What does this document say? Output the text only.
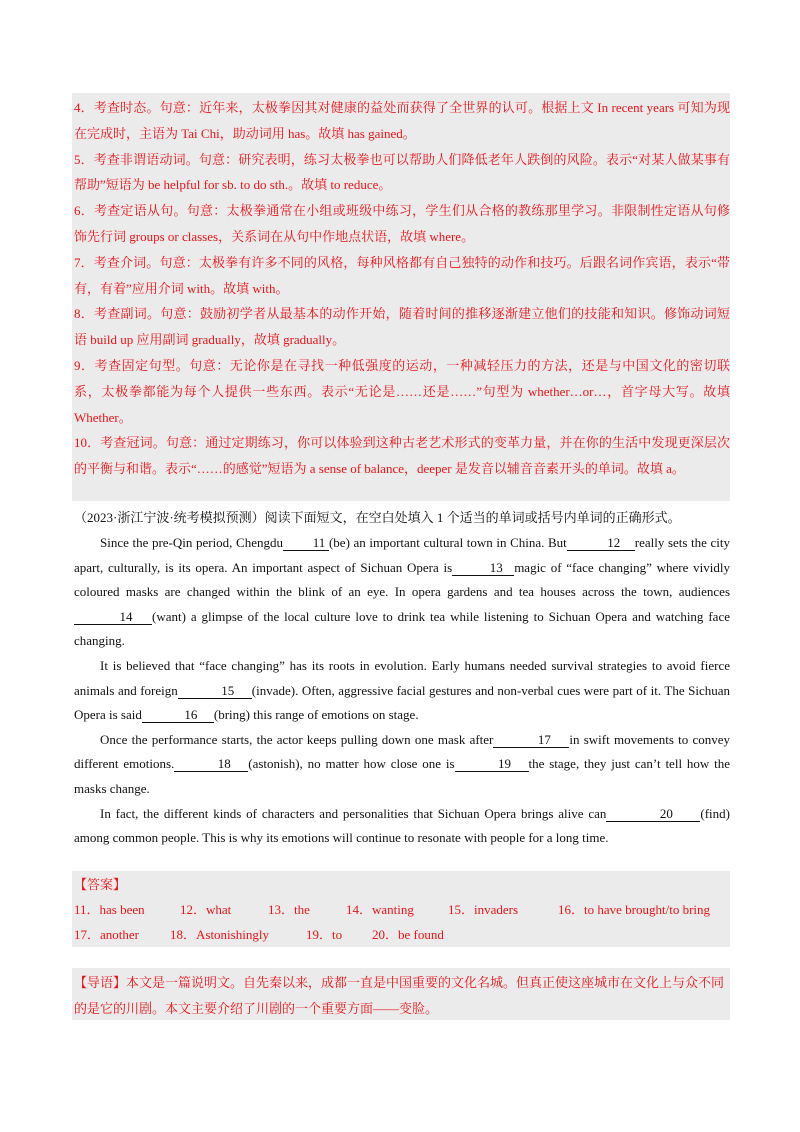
4．考查时态。句意：近年来，太极拳因其对健康的益处而获得了全世界的认可。根据上文 In recent years 可知为现在完成时，主语为 Tai Chi，助动词用 has。故填 has gained。

5．考查非谓语动词。句意：研究表明，练习太极拳也可以帮助人们降低老年人跌倒的风险。表示“对某人做某事有帮助”短语为 be helpful for sb. to do sth.。故填 to reduce。

6．考查定语从句。句意：太极拳通常在小组或班级中练习，学生们从合格的教练那里学习。非限制性定语从句修饰先行词 groups or classes，关系词在从句中作地点状语，故填 where。

7．考查介词。句意：太极拳有许多不同的风格，每种风格都有自己独特的动作和技巧。后跟名词作宾语，表示“带有，有着”应用介词 with。故填 with。

8．考查副词。句意：鼓励初学者从最基本的动作开始，随着时间的推移逐渐建立他们的技能和知识。修饰动词短语 build up 应用副词 gradually，故填 gradually。

9．考查固定句型。句意：无论你是在寻找一种低强度的运动，一种减轻压力的方法，还是与中国文化的密切联系，太极拳都能为每个人提供一些东西。表示“无论是……还是……”句型为 whether…or…，首字母大写。故填 Whether。

10．考查冠词。句意：通过定期练习，你可以体验到这种古老艺术形式的变革力量，并在你的生活中发现更深层次的平衡与和谐。表示“……的感觉”短语为 a sense of balance，deeper 是发音以辅音音素开头的单词。故填 a。

（2023·浙江宁波·统考模拟预测）阅读下面短文，在空白处填入 1 个适当的单词或括号内单词的正确形式。

Since the pre-Qin period, Chengdu 11 (be) an important cultural town in China. But	12 really sets the city apart, culturally, is its opera. An important aspect of Sichuan Opera is	13 magic of “face changing” where vividly coloured masks are changed within the blink of an eye. In opera gardens and tea houses across the town, audiences14 (want) a glimpse of the local culture love to drink tea while listening to Sichuan Opera and watching face changing.

It is believed that “face changing” has its roots in evolution. Early humans needed survival strategies to avoid fierce animals and foreign	15 (invade). Often, aggressive facial gestures and non-verbal cues were part of it. The Sichuan Opera is said	16 (bring) this range of emotions on stage.

Once the performance starts, the actor keeps pulling down one mask after	17 in swift movements to convey different emotions.	18 (astonish), no matter how close one is	19 the stage, they just can’t tell how the masks change.

In fact, the different kinds of characters and personalities that Sichuan Opera brings alive can	20 (find) among common people. This is why its emotions will continue to resonate with people for a long time.

【答案】
11．has been	12．what	13．the	14．wanting	15．invaders	16．to have brought/to bring
17．another	18．Astonishingly	19．to	20．be found

【导语】本文是一篇说明文。自先秦以来，成都一直是中国重要的文化名城。但真正使这座城市在文化上与众不同的是它的川剧。本文主要介绍了川剧的一个重要方面——变脸。
